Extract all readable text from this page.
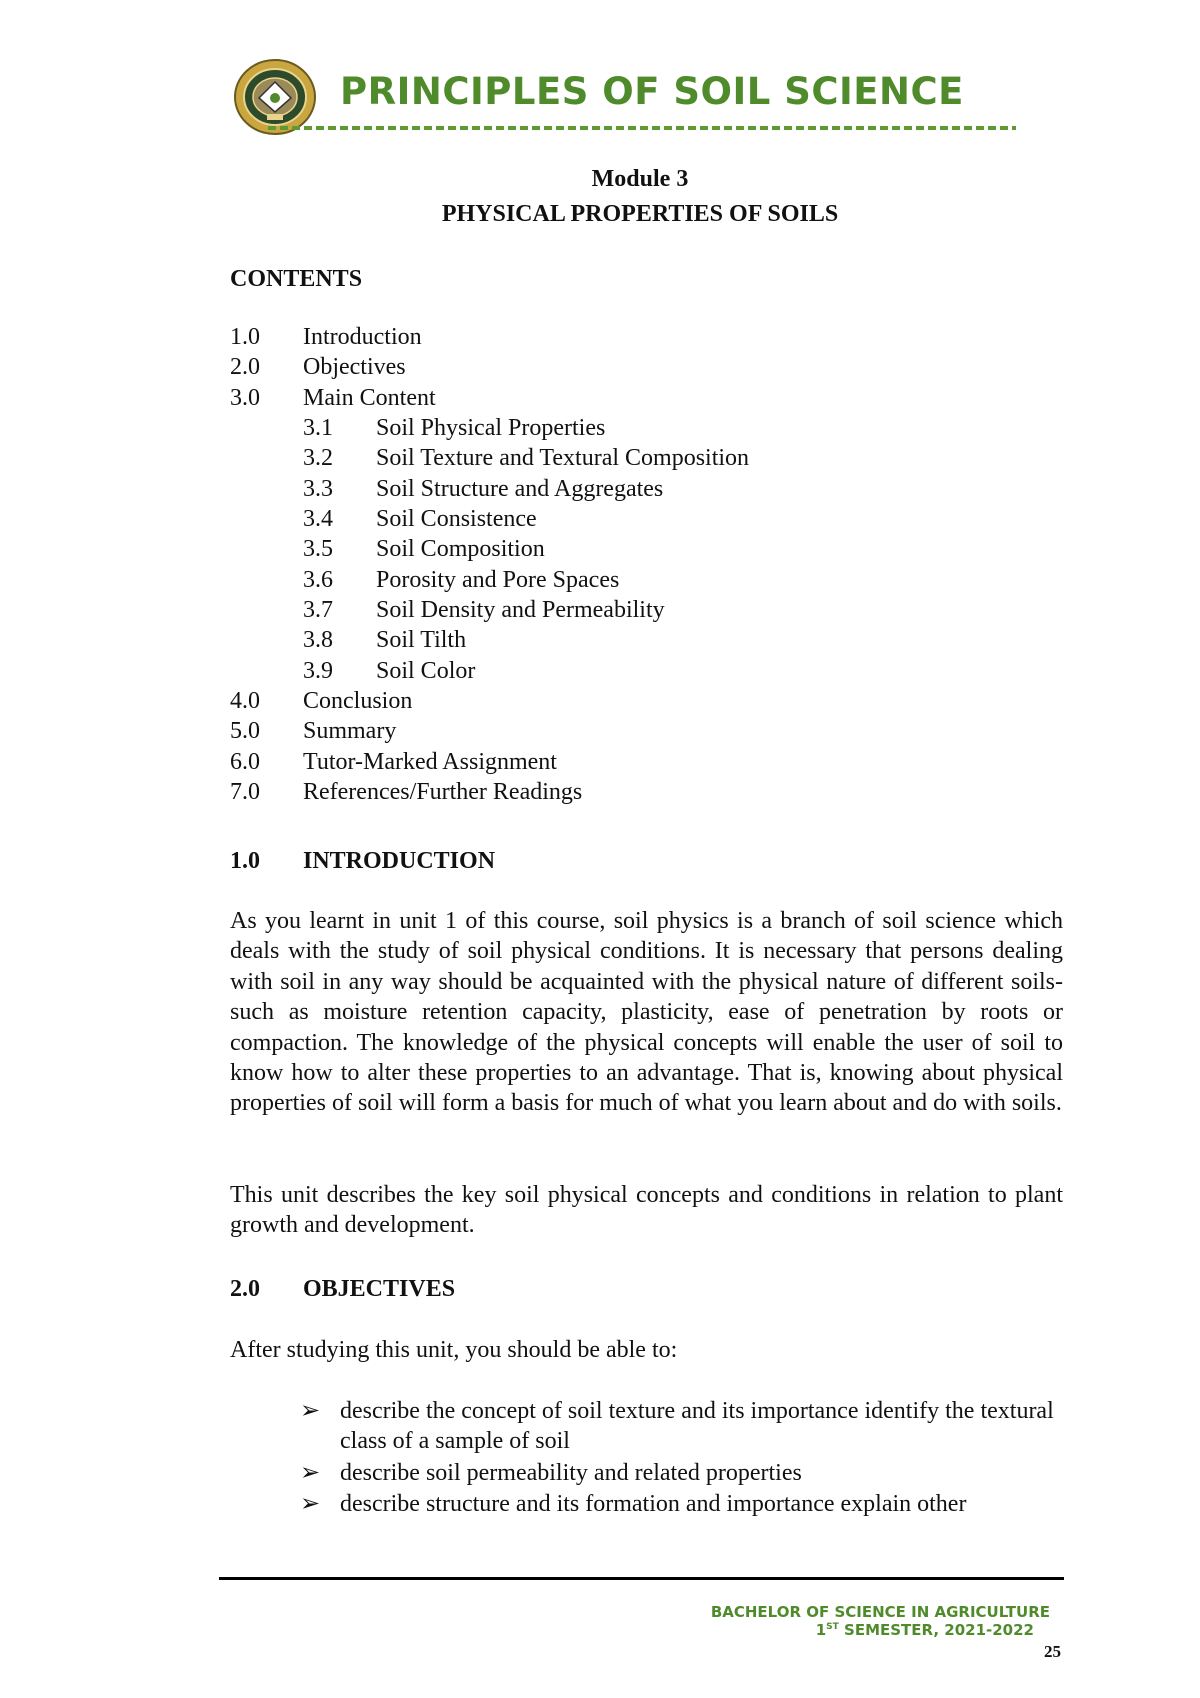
PRINCIPLES OF SOIL SCIENCE
Module 3
PHYSICAL PROPERTIES OF SOILS
CONTENTS
1.0 Introduction
2.0 Objectives
3.0 Main Content
3.1 Soil Physical Properties
3.2 Soil Texture and Textural Composition
3.3 Soil Structure and Aggregates
3.4 Soil Consistence
3.5 Soil Composition
3.6 Porosity and Pore Spaces
3.7 Soil Density and Permeability
3.8 Soil Tilth
3.9 Soil Color
4.0 Conclusion
5.0 Summary
6.0 Tutor-Marked Assignment
7.0 References/Further Readings
1.0 INTRODUCTION
As you learnt in unit 1 of this course, soil physics is a branch of soil science which deals with the study of soil physical conditions. It is necessary that persons dealing with soil in any way should be acquainted with the physical nature of different soils-such as moisture retention capacity, plasticity, ease of penetration by roots or compaction. The knowledge of the physical concepts will enable the user of soil to know how to alter these properties to an advantage. That is, knowing about physical properties of soil will form a basis for much of what you learn about and do with soils.
This unit describes the key soil physical concepts and conditions in relation to plant growth and development.
2.0 OBJECTIVES
After studying this unit, you should be able to:
➢ describe the concept of soil texture and its importance identify the textural class of a sample of soil
➢ describe soil permeability and related properties
➢ describe structure and its formation and importance explain other
BACHELOR OF SCIENCE IN AGRICULTURE
1ST SEMESTER, 2021-2022
25
